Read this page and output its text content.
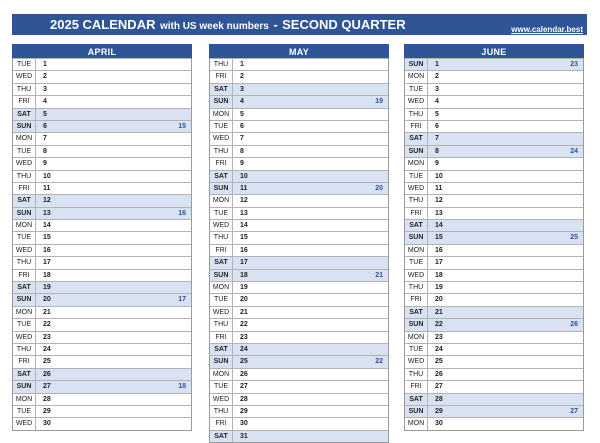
2025 CALENDAR with US week numbers - SECOND QUARTER	www.calendar.best
APRIL
TUE	1
WED	2
THU	3
FRI	4
SAT	5
SUN	6	15
MON	7
TUE	8
WED	9
THU	10
FRI	11
SAT	12
SUN	13	16
MON	14
TUE	15
WED	16
THU	17
FRI	18
SAT	19
SUN	20	17
MON	21
TUE	22
WED	23
THU	24
FRI	25
SAT	26
SUN	27	18
MON	28
TUE	29
WED	30
MAY
THU	1
FRI	2
SAT	3
SUN	4	19
MON	5
TUE	6
WED	7
THU	8
FRI	9
SAT	10
SUN	11	20
MON	12
TUE	13
WED	14
THU	15
FRI	16
SAT	17
SUN	18	21
MON	19
TUE	20
WED	21
THU	22
FRI	23
SAT	24
SUN	25	22
MON	26
TUE	27
WED	28
THU	29
FRI	30
SAT	31
JUNE
SUN	1	23
MON	2
TUE	3
WED	4
THU	5
FRI	6
SAT	7
SUN	8	24
MON	9
TUE	10
WED	11
THU	12
FRI	13
SAT	14
SUN	15	25
MON	16
TUE	17
WED	18
THU	19
FRI	20
SAT	21
SUN	22	26
MON	23
TUE	24
WED	25
THU	26
FRI	27
SAT	28
SUN	29	27
MON	30
